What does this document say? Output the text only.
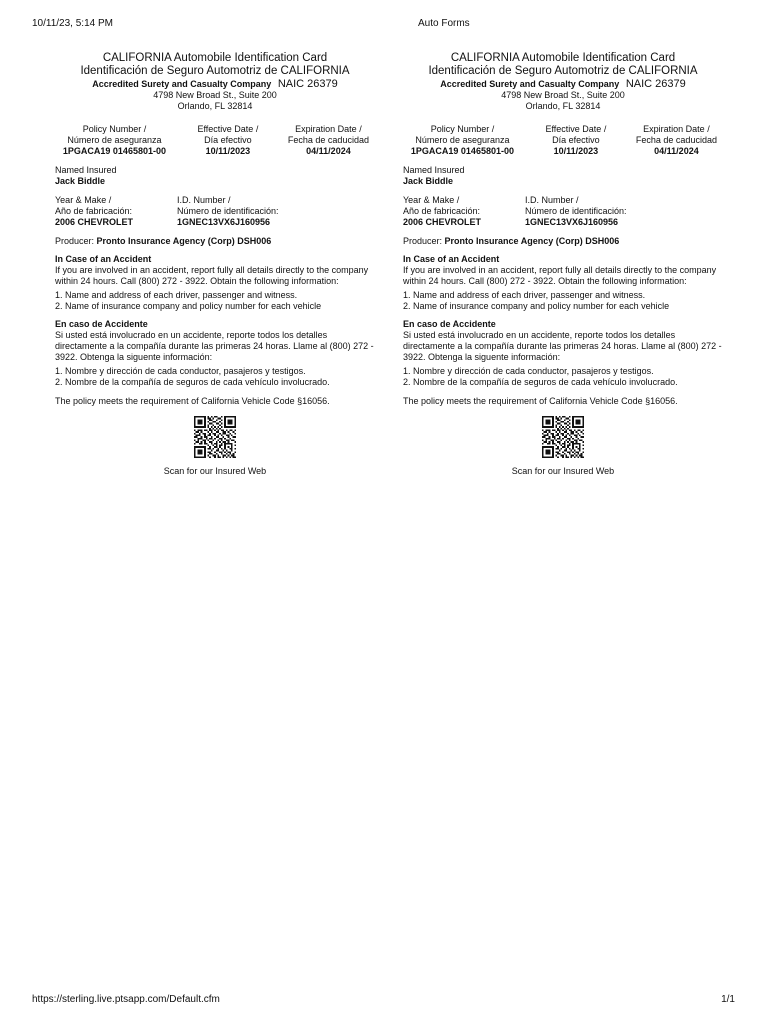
10/11/23, 5:14 PM	Auto Forms
CALIFORNIA Automobile Identification Card
Identificación de Seguro Automotriz de CALIFORNIA
Accredited Surety and Casualty Company NAIC 26379
4798 New Broad St., Suite 200
Orlando, FL 32814
Policy Number /
Número de aseguranza
1PGACA19 01465801-00
Effective Date /
Día efectivo
10/11/2023
Expiration Date /
Fecha de caducidad
04/11/2024
Named Insured
Jack Biddle
Year & Make /
Año de fabricación:
2006 CHEVROLET
I.D. Number /
Número de identificación:
1GNEC13VX6J160956
Producer: Pronto Insurance Agency (Corp) DSH006
In Case of an Accident
If you are involved in an accident, report fully all details directly to the company within 24 hours. Call (800) 272 - 3922. Obtain the following information:
1. Name and address of each driver, passenger and witness.
2. Name of insurance company and policy number for each vehicle
En caso de Accidente
Si usted está involucrado en un accidente, reporte todos los detalles directamente a la compañía durante las primeras 24 horas. Llame al (800) 272 - 3922. Obtenga la siguente información:
1. Nombre y dirección de cada conductor, pasajeros y testigos.
2. Nombre de la compañía de seguros de cada vehículo involucrado.
The policy meets the requirement of California Vehicle Code §16056.
Scan for our Insured Web
CALIFORNIA Automobile Identification Card
Identificación de Seguro Automotriz de CALIFORNIA
Accredited Surety and Casualty Company NAIC 26379
4798 New Broad St., Suite 200
Orlando, FL 32814
Policy Number /
Número de aseguranza
1PGACA19 01465801-00
Effective Date /
Día efectivo
10/11/2023
Expiration Date /
Fecha de caducidad
04/11/2024
Named Insured
Jack Biddle
Year & Make /
Año de fabricación:
2006 CHEVROLET
I.D. Number /
Número de identificación:
1GNEC13VX6J160956
Producer: Pronto Insurance Agency (Corp) DSH006
In Case of an Accident
If you are involved in an accident, report fully all details directly to the company within 24 hours. Call (800) 272 - 3922. Obtain the following information:
1. Name and address of each driver, passenger and witness.
2. Name of insurance company and policy number for each vehicle
En caso de Accidente
Si usted está involucrado en un accidente, reporte todos los detalles directamente a la compañía durante las primeras 24 horas. Llame al (800) 272 - 3922. Obtenga la siguente información:
1. Nombre y dirección de cada conductor, pasajeros y testigos.
2. Nombre de la compañía de seguros de cada vehículo involucrado.
The policy meets the requirement of California Vehicle Code §16056.
Scan for our Insured Web
https://sterling.live.ptsapp.com/Default.cfm	1/1
